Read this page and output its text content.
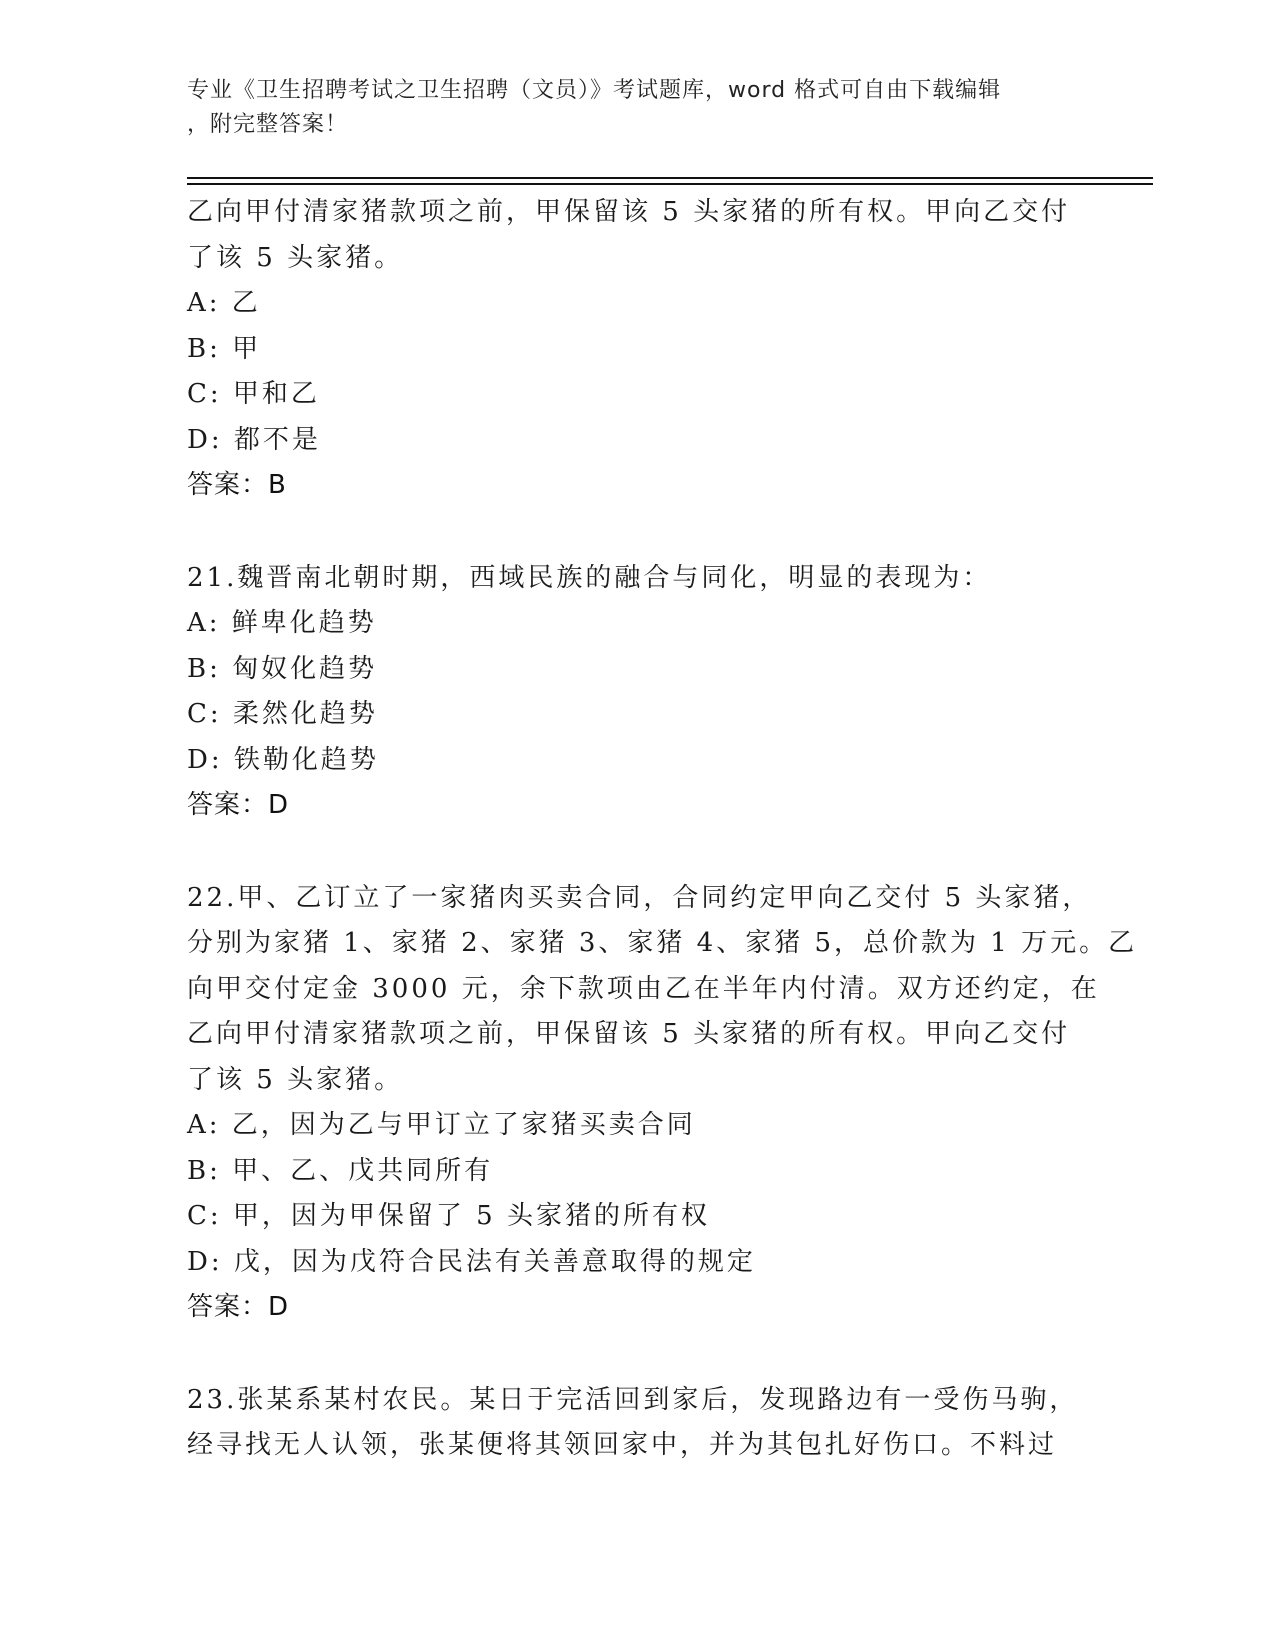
专业《卫生招聘考试之卫生招聘（文员）》考试题库，word 格式可自由下载编辑
，附完整答案！
乙向甲付清家猪款项之前，甲保留该 5 头家猪的所有权。甲向乙交付
了该 5 头家猪。
A: 乙
B: 甲
C: 甲和乙
D: 都不是
答案：B
21.魏晋南北朝时期，西域民族的融合与同化，明显的表现为：
A: 鲜卑化趋势
B: 匈奴化趋势
C: 柔然化趋势
D: 铁勒化趋势
答案：D
22.甲、乙订立了一家猪肉买卖合同，合同约定甲向乙交付 5 头家猪，
分别为家猪 1、家猪 2、家猪 3、家猪 4、家猪 5，总价款为 1 万元。乙
向甲交付定金 3000 元，余下款项由乙在半年内付清。双方还约定，在
乙向甲付清家猪款项之前，甲保留该 5 头家猪的所有权。甲向乙交付
了该 5 头家猪。
A: 乙，因为乙与甲订立了家猪买卖合同
B: 甲、乙、戊共同所有
C: 甲，因为甲保留了 5 头家猪的所有权
D: 戊，因为戊符合民法有关善意取得的规定
答案：D
23.张某系某村农民。某日于完活回到家后，发现路边有一受伤马驹，
经寻找无人认领，张某便将其领回家中，并为其包扎好伤口。不料过
